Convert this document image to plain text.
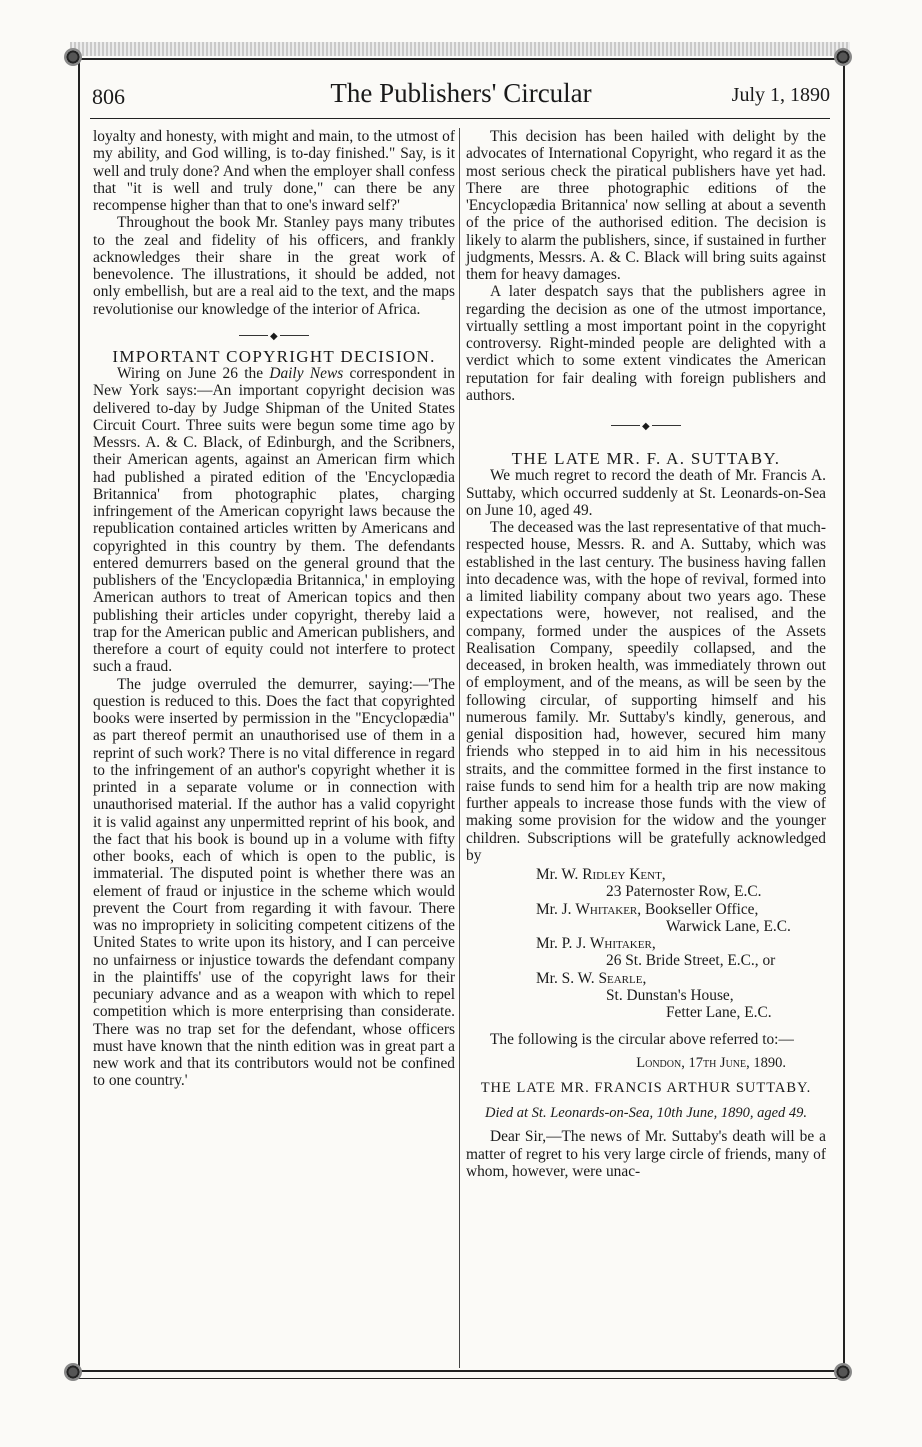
806	The Publishers' Circular	July 1, 1890

loyalty and honesty, with might and main, to the utmost of my ability, and God willing, is to-day finished." Say, is it well and truly done? And when the employer shall confess that "it is well and truly done," can there be any recompense higher than that to one's inward self?'

Throughout the book Mr. Stanley pays many tributes to the zeal and fidelity of his officers, and frankly acknowledges their share in the great work of benevolence. The illustrations, it should be added, not only embellish, but are a real aid to the text, and the maps revolutionise our knowledge of the interior of Africa.

◆

IMPORTANT COPYRIGHT DECISION.

Wiring on June 26 the Daily News correspondent in New York says:—An important copyright decision was delivered to-day by Judge Shipman of the United States Circuit Court. Three suits were begun some time ago by Messrs. A. & C. Black, of Edinburgh, and the Scribners, their American agents, against an American firm which had published a pirated edition of the 'Encyclopædia Britannica' from photographic plates, charging infringement of the American copyright laws because the republication contained articles written by Americans and copyrighted in this country by them. The defendants entered demurrers based on the general ground that the publishers of the 'Encyclopædia Britannica,' in employing American authors to treat of American topics and then publishing their articles under copyright, thereby laid a trap for the American public and American publishers, and therefore a court of equity could not interfere to protect such a fraud.

The judge overruled the demurrer, saying:—'The question is reduced to this. Does the fact that copyrighted books were inserted by permission in the "Encyclopædia" as part thereof permit an unauthorised use of them in a reprint of such work? There is no vital difference in regard to the infringement of an author's copyright whether it is printed in a separate volume or in connection with unauthorised material. If the author has a valid copyright it is valid against any unpermitted reprint of his book, and the fact that his book is bound up in a volume with fifty other books, each of which is open to the public, is immaterial. The disputed point is whether there was an element of fraud or injustice in the scheme which would prevent the Court from regarding it with favour. There was no impropriety in soliciting competent citizens of the United States to write upon its history, and I can perceive no unfairness or injustice towards the defendant company in the plaintiffs' use of the copyright laws for their pecuniary advance and as a weapon with which to repel competition which is more enterprising than considerate. There was no trap set for the defendant, whose officers must have known that the ninth edition was in great part a new work and that its contributors would not be confined to one country.'

This decision has been hailed with delight by the advocates of International Copyright, who regard it as the most serious check the piratical publishers have yet had. There are three photographic editions of the 'Encyclopædia Britannica' now selling at about a seventh of the price of the authorised edition. The decision is likely to alarm the publishers, since, if sustained in further judgments, Messrs. A. & C. Black will bring suits against them for heavy damages.

A later despatch says that the publishers agree in regarding the decision as one of the utmost importance, virtually settling a most important point in the copyright controversy. Right-minded people are delighted with a verdict which to some extent vindicates the American reputation for fair dealing with foreign publishers and authors.

◆

THE LATE MR. F. A. SUTTABY.

We much regret to record the death of Mr. Francis A. Suttaby, which occurred suddenly at St. Leonards-on-Sea on June 10, aged 49.

The deceased was the last representative of that much-respected house, Messrs. R. and A. Suttaby, which was established in the last century. The business having fallen into decadence was, with the hope of revival, formed into a limited liability company about two years ago. These expectations were, however, not realised, and the company, formed under the auspices of the Assets Realisation Company, speedily collapsed, and the deceased, in broken health, was immediately thrown out of employment, and of the means, as will be seen by the following circular, of supporting himself and his numerous family. Mr. Suttaby's kindly, generous, and genial disposition had, however, secured him many friends who stepped in to aid him in his necessitous straits, and the committee formed in the first instance to raise funds to send him for a health trip are now making further appeals to increase those funds with the view of making some provision for the widow and the younger children. Subscriptions will be gratefully acknowledged by

Mr. W. Ridley Kent,
23 Paternoster Row, E.C.
Mr. J. Whitaker, Bookseller Office,
Warwick Lane, E.C.
Mr. P. J. Whitaker,
26 St. Bride Street, E.C., or
Mr. S. W. Searle,
St. Dunstan's House,
Fetter Lane, E.C.

The following is the circular above referred to:—

London, 17th June, 1890.
THE LATE MR. FRANCIS ARTHUR SUTTABY.
Died at St. Leonards-on-Sea, 10th June, 1890, aged 49.

Dear Sir,—The news of Mr. Suttaby's death will be a matter of regret to his very large circle of friends, many of whom, however, were unac-
